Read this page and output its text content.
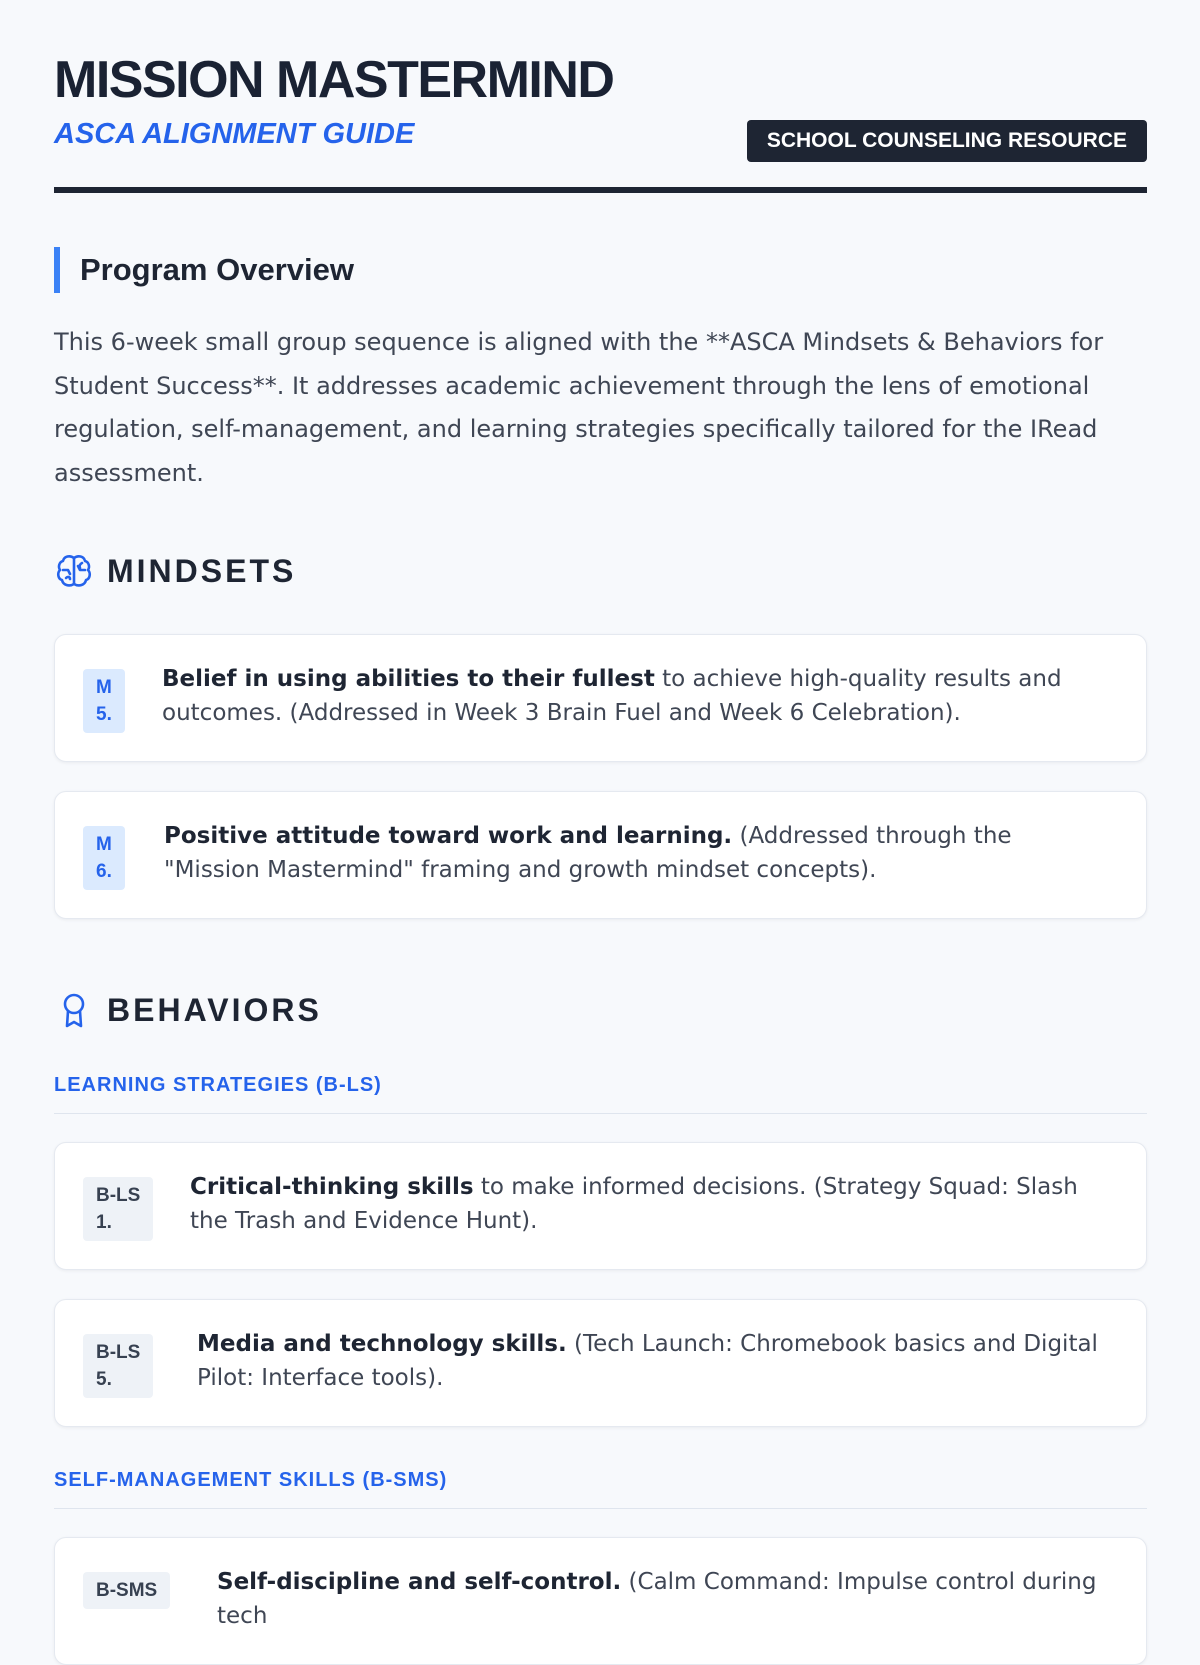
MISSION MASTERMIND
ASCA ALIGNMENT GUIDE	SCHOOL COUNSELING RESOURCE
Program Overview

This 6-week small group sequence is aligned with the **ASCA Mindsets & Behaviors for Student Success**. It addresses academic achievement through the lens of emotional regulation, self-management, and learning strategies specifically tailored for the IRead assessment.

MINDSETS
M
5.

Belief in using abilities to their fullest to achieve high-quality results and outcomes. (Addressed in Week 3 Brain Fuel and Week 6 Celebration).

M
6.

Positive attitude toward work and learning. (Addressed through the "Mission Mastermind" framing and growth mindset concepts).

BEHAVIORS
LEARNING STRATEGIES (B-LS)
B-LS
1.

Critical-thinking skills to make informed decisions. (Strategy Squad: Slash the Trash and Evidence Hunt).

B-LS
5.

Media and technology skills. (Tech Launch: Chromebook basics and Digital Pilot: Interface tools).

SELF-MANAGEMENT SKILLS (B-SMS)
B-SMS	Self-discipline and self-control. (Calm Command: Impulse control during tech
